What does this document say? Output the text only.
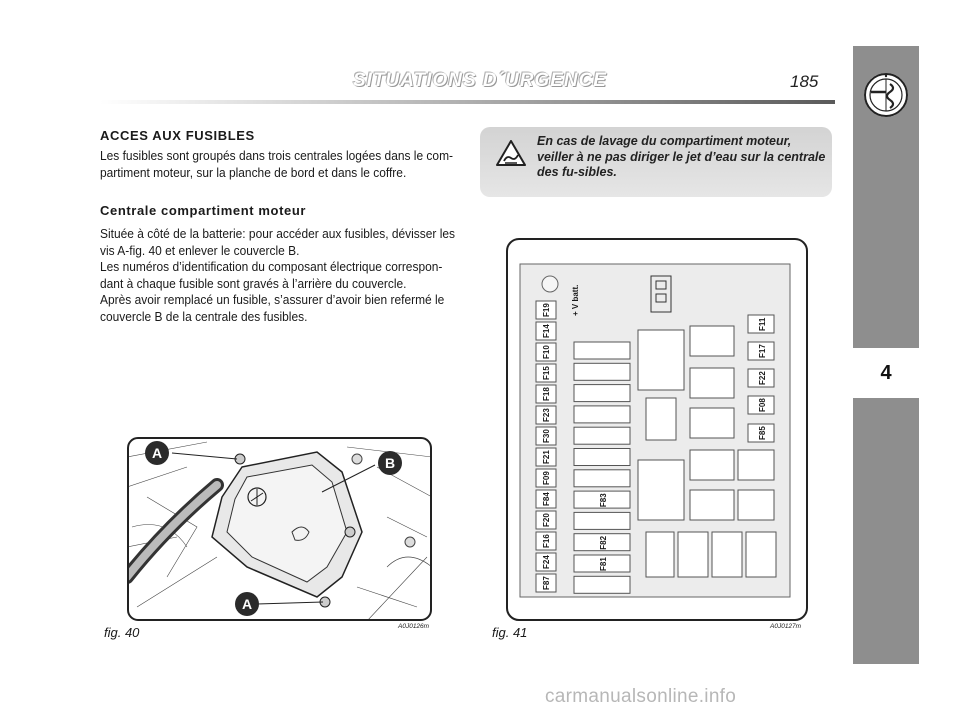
SITUATIONS D´URGENCE	185
4
ACCES AUX FUSIBLES
Les fusibles sont groupés dans trois centrales logées dans le com-partiment moteur, sur la planche de bord et dans le coffre.
Centrale compartiment moteur
Située à côté de la batterie: pour accéder aux fusibles, dévisser les vis A-fig. 40 et enlever le couvercle B.
Les numéros d’identification du composant électrique correspon-dant à chaque fusible sont gravés à l’arrière du couvercle.
Après avoir remplacé un fusible, s’assurer d’avoir bien refermé le couvercle B de la centrale des fusibles.
En cas de lavage du compartiment moteur, veiller à ne pas diriger le jet d’eau sur la centrale des fu-sibles.
A
B
A
fig. 40	A0J0126m
+ V batt.
F19
F14
F10
F15
F18
F23
F30
F21
F09
F84
F20
F16
F24
F87
F83
F82
F81
F11
F17
F22
F08
F85
fig. 41	A0J0127m
carmanualsonline.info
